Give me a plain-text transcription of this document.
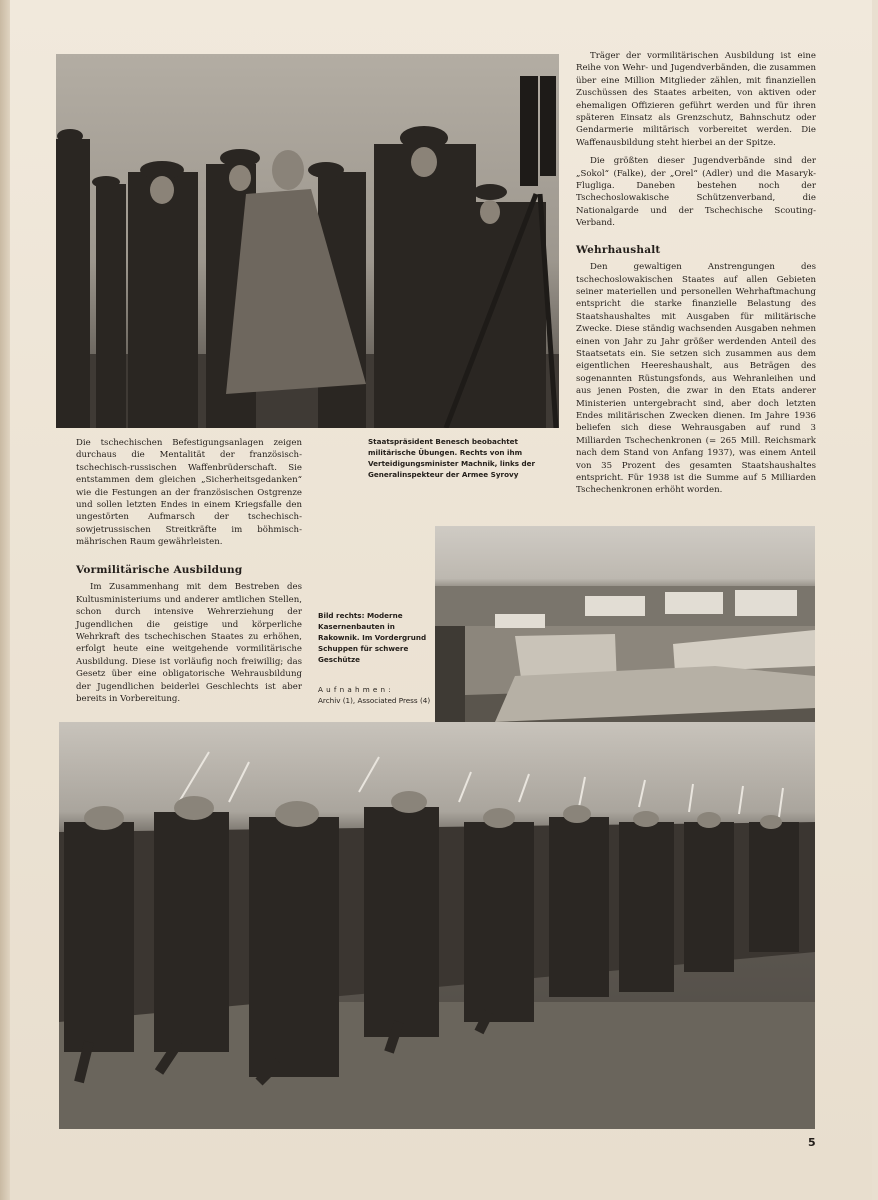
Die tschechischen Befestigungsanlagen zeigen durchaus die Mentalität der französisch-tschechisch-russischen Waffenbrüderschaft. Sie entstammen dem gleichen „Sicherheitsgedanken“ wie die Festungen an der französischen Ostgrenze und sollen letzten Endes in einem Kriegsfalle den ungestörten Aufmarsch der tschechisch-sowjetrussischen Streitkräfte im böhmisch-mährischen Raum gewährleisten.

Staatspräsident Benesch beobachtet militärische Übungen. Rechts von ihm Verteidigungsminister Machnik, links der Generalinspekteur der Armee Syrovy
Vormilitärische Ausbildung

Im Zusammenhang mit dem Bestreben des Kultusministeriums und anderer amtlichen Stellen, schon durch intensive Wehrerziehung der Jugendlichen die geistige und körperliche Wehrkraft des tschechischen Staates zu erhöhen, erfolgt heute eine weitgehende vormilitärische Ausbildung. Diese ist vorläufig noch freiwillig; das Gesetz über eine obligatorische Wehrausbildung der Jugendlichen beiderlei Geschlechts ist aber bereits in Vorbereitung.

Bild rechts: Moderne Kasernenbauten in Rakownik. Im Vordergrund Schuppen für schwere Geschütze
Aufnahmen:
Archiv (1), Associated Press (4)

Träger der vormilitärischen Ausbildung ist eine Reihe von Wehr- und Jugendverbänden, die zusammen über eine Million Mitglieder zählen, mit finanziellen Zuschüssen des Staates arbeiten, von aktiven oder ehemaligen Offizieren geführt werden und für ihren späteren Einsatz als Grenzschutz, Bahnschutz oder Gendarmerie militärisch vorbereitet werden. Die Waffenausbildung steht hierbei an der Spitze.

Die größten dieser Jugendverbände sind der „Sokol“ (Falke), der „Orel“ (Adler) und die Masaryk-Flugliga. Daneben bestehen noch der Tschechoslowakische Schützenverband, die Nationalgarde und der Tschechische Scouting-Verband.

Wehrhaushalt

Den gewaltigen Anstrengungen des tschechoslowakischen Staates auf allen Gebieten seiner materiellen und personellen Wehrhaftmachung entspricht die starke finanzielle Belastung des Staatshaushaltes mit Ausgaben für militärische Zwecke. Diese ständig wachsenden Ausgaben nehmen einen von Jahr zu Jahr größer werdenden Anteil des Staatsetats ein. Sie setzen sich zusammen aus dem eigentlichen Heereshaushalt, aus Beträgen des sogenannten Rüstungsfonds, aus Wehranleihen und aus jenen Posten, die zwar in den Etats anderer Ministerien untergebracht sind, aber doch letzten Endes militärischen Zwecken dienen. Im Jahre 1936 beliefen sich diese Wehrausgaben auf rund 3 Milliarden Tschechenkronen (= 265 Mill. Reichsmark nach dem Stand von Anfang 1937), was einem Anteil von 35 Prozent des gesamten Staatshaushaltes entspricht. Für 1938 ist die Summe auf 5 Milliarden Tschechenkronen erhöht worden.

5
